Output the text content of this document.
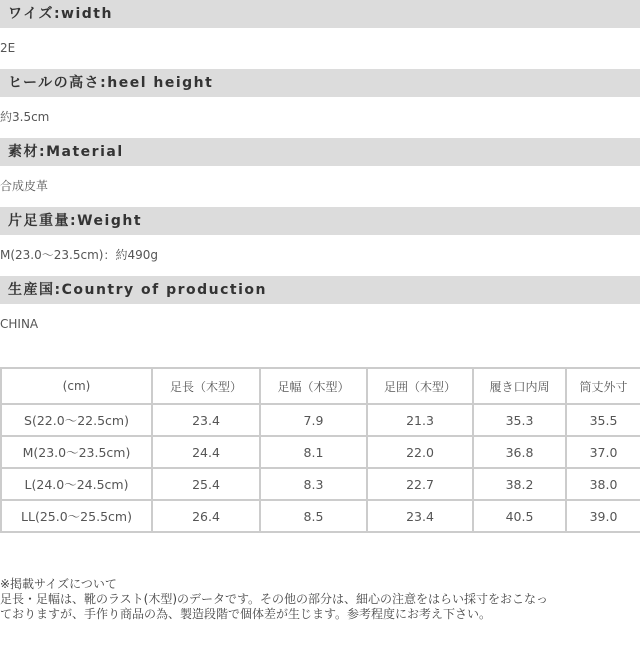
ワイズ:width
2E
ヒールの高さ:heel height
約3.5cm
素材:Material
合成皮革
片足重量:Weight
M(23.0〜23.5cm)：約490g
生産国:Country of production
CHINA
(cm)	足長（木型）	足幅（木型）	足囲（木型）	履き口内周	筒丈外寸
S(22.0〜22.5cm)	23.4	7.9	21.3	35.3	35.5
M(23.0〜23.5cm)	24.4	8.1	22.0	36.8	37.0
L(24.0〜24.5cm)	25.4	8.3	22.7	38.2	38.0
LL(25.0〜25.5cm)	26.4	8.5	23.4	40.5	39.0
※掲載サイズについて
足長・足幅は、靴のラスト(木型)のデータです。その他の部分は、細心の注意をはらい採寸をおこなっ
ておりますが、手作り商品の為、製造段階で個体差が生じます。参考程度にお考え下さい。
